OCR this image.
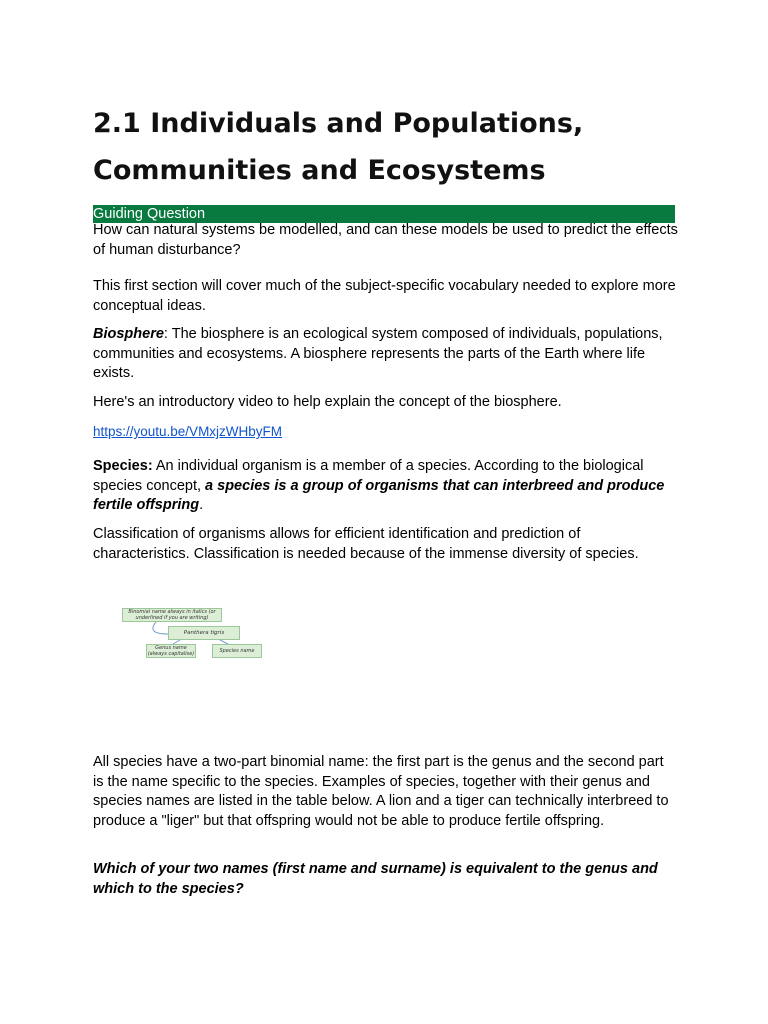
2.1 Individuals and Populations,
Communities and Ecosystems
Guiding Question
How can natural systems be modelled, and can these models be used to predict the effects of human disturbance?
This first section will cover much of the subject-specific vocabulary needed to explore more conceptual ideas.
Biosphere: The biosphere is an ecological system composed of individuals, populations, communities and ecosystems. A biosphere represents the parts of the Earth where life exists.
Here's an introductory video to help explain the concept of the biosphere.
https://youtu.be/VMxjzWHbyFM
Species: An individual organism is a member of a species. According to the biological species concept, a species is a group of organisms that can interbreed and produce fertile offspring.
Classification of organisms allows for efficient identification and prediction of characteristics. Classification is needed because of the immense diversity of species.
Binomial name always in italics (or underlined if you are writing)
Panthera tigris
Genus name (always capitalise)	Species name
All species have a two-part binomial name: the first part is the genus and the second part is the name specific to the species. Examples of species, together with their genus and species names are listed in the table below. A lion and a tiger can technically interbreed to produce a "liger" but that offspring would not be able to produce fertile offspring.
Which of your two names (first name and surname) is equivalent to the genus and which to the species?
